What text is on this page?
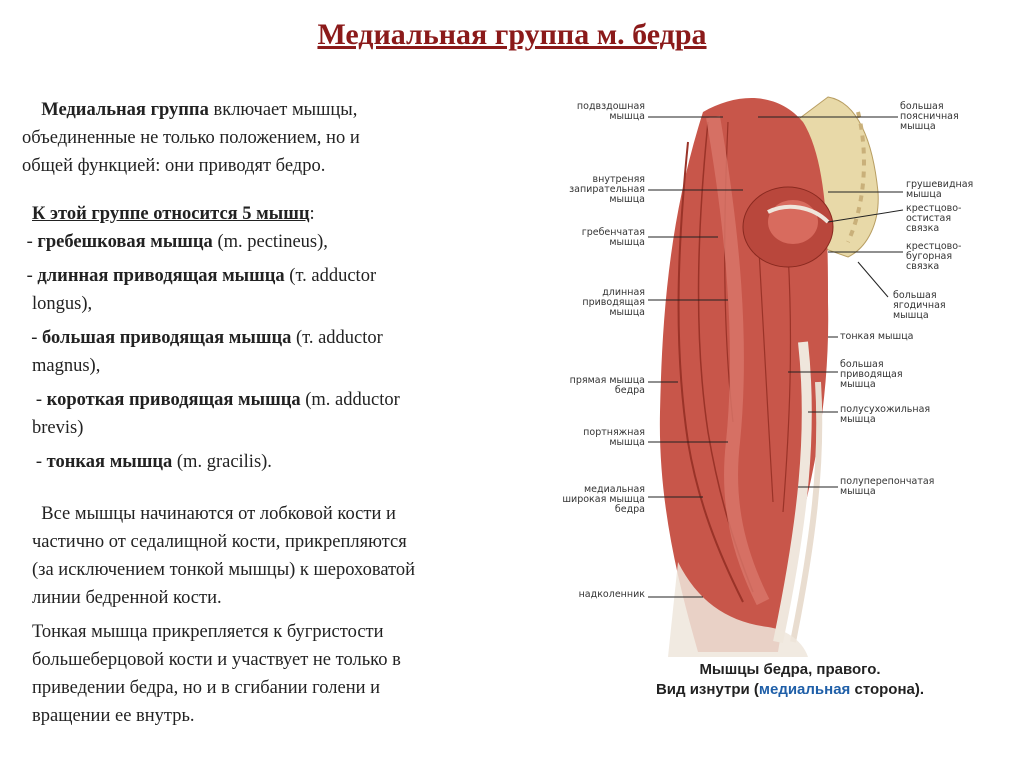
Медиальная группа м. бедра

Медиальная группа включает мышцы,

объединенные не только положением, но и

общей функцией: они приводят бедро.

К этой группе относится 5 мышц:

- гребешковая мышца (m. pectineus),

- длинная приводящая мышца (т. adductor

longus),

- большая приводящая мышца (т. adductor

magnus),

- короткая приводящая мышца (m. adductor

brevis)

- тонкая мышца (m. gracilis).

Все мышцы начинаются от лобковой кости и

частично от седалищной кости, прикрепляются

(за исключением тонкой мышцы) к шероховатой

линии бедренной кости.

Тонкая мышца прикрепляется к бугристости

большеберцовой кости и участвует не только в

приведении бедра, но и в сгибании голени и

вращении ее внутрь.

подвздошная
мышца
внутреняя
запирательная
мышца
гребенчатая
мышца
длинная
приводящая
мышца
прямая мышца
бедра
портняжная
мышца
медиальная
широкая мышца
бедра
надколенник
большая
поясничная
мышца
грушевидная
мышца
крестцово-
остистая
связка
крестцово-
бугорная
связка
большая
ягодичная
мышца
тонкая мышца
большая
приводящая
мышца
полусухожильная
мышца
полуперепончатая
мышца
Мышцы бедра, правого.
Вид изнутри (медиальная сторона).
